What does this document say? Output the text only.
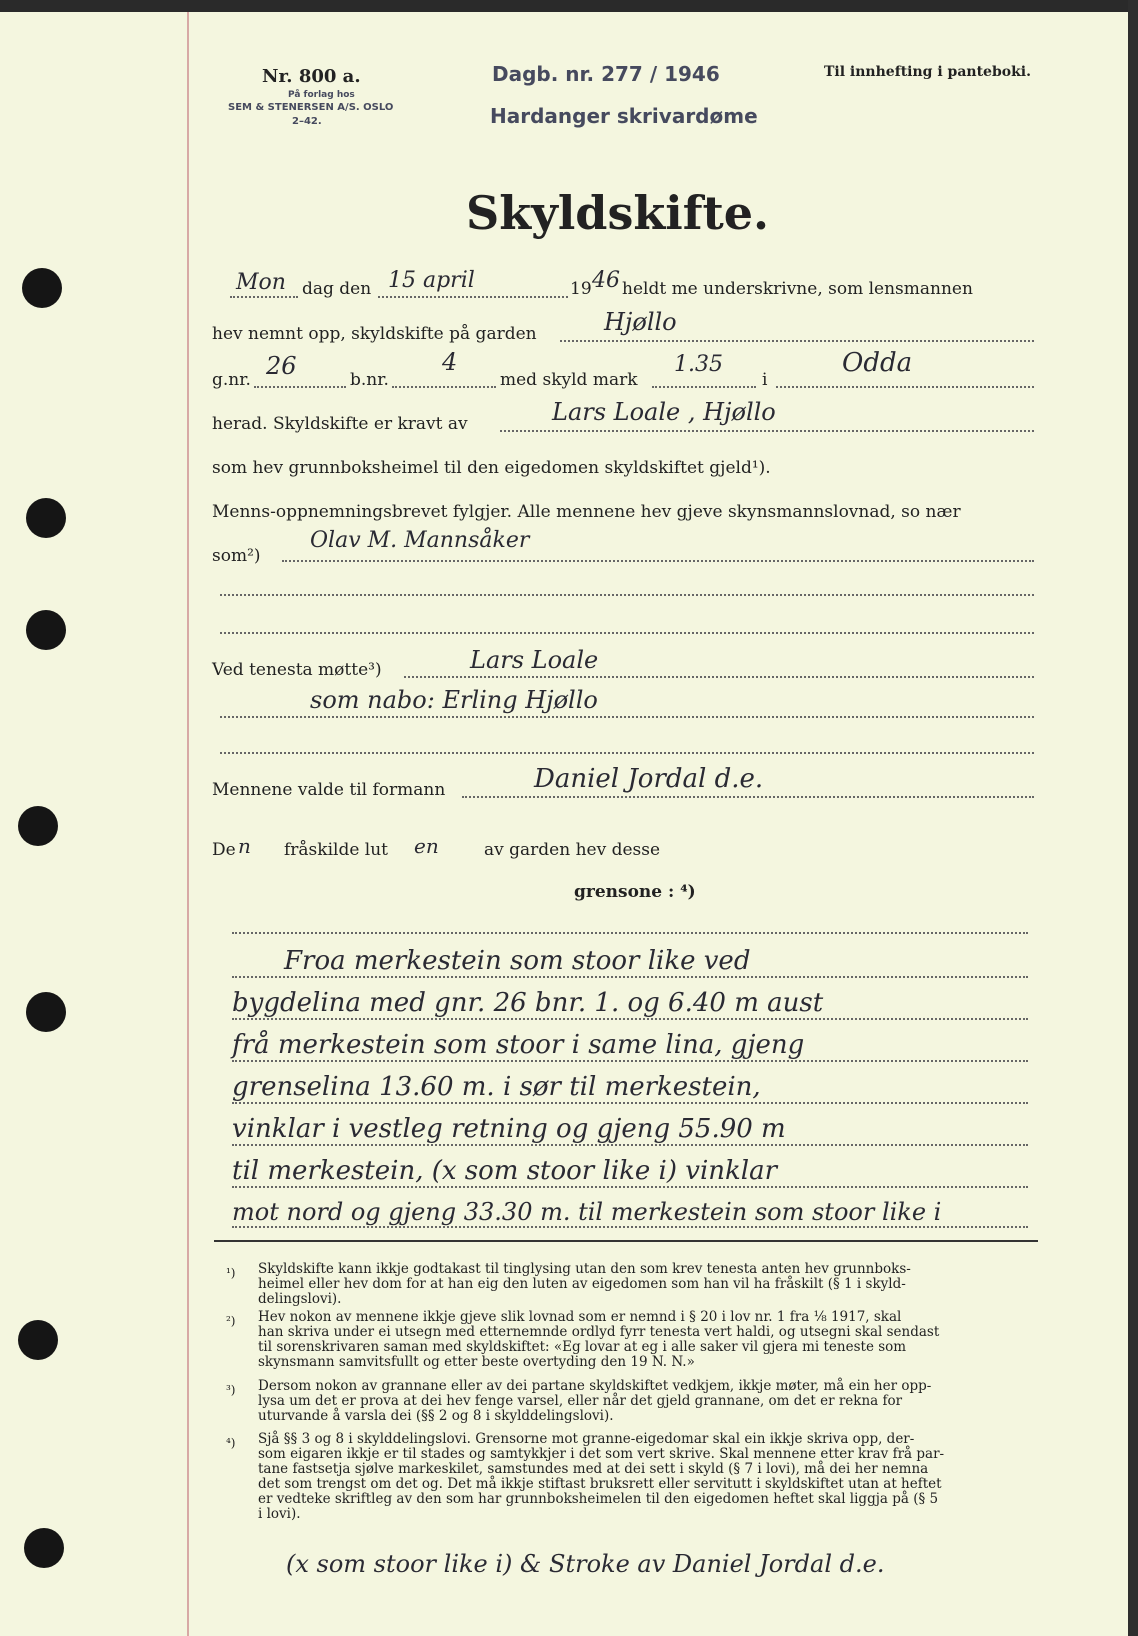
Nr. 800 a.
På forlag hos
SEM & STENERSEN A/S. OSLO
2–42.
Dagb. nr. 277 / 1946
Hardanger skrivardøme
Til innhefting i panteboki.
Skyldskifte.
Mon dag den 15 april	19 46 heldt me underskrivne, som lensmannen
hev nemnt opp, skyldskifte på garden	Hjøllo
g.nr. 26	b.nr.
4
med skyld mark
1.35
i
Odda
herad. Skyldskifte er kravt av	Lars Loale , Hjøllo
som hev grunnboksheimel til den eigedomen skyldskiftet gjeld¹).
Menns-oppnemningsbrevet fylgjer. Alle mennene hev gjeve skynsmannslovnad, so nær
som²)
Olav M. Mannsåker
Ved tenesta møtte³)	Lars Loale
som nabo: Erling Hjøllo
Mennene valde til formann	Daniel Jordal d.e.
De n fråskilde lut en	av garden hev desse
grensone : ⁴)
Froa merkestein som stoor like ved
bygdelina med gnr. 26 bnr. 1. og 6.40 m aust
frå merkestein som stoor i same lina, gjeng
grenselina 13.60 m. i sør til merkestein,
vinklar i vestleg retning og gjeng 55.90 m
til merkestein, (x som stoor like i) vinklar
mot nord og gjeng 33.30 m. til merkestein som stoor like i
¹) Skyldskifte kann ikkje godtakast til tinglysing utan den som krev tenesta anten hev grunnboks-
heimel eller hev dom for at han eig den luten av eigedomen som han vil ha fråskilt (§ 1 i skyld-
delingslovi).
²) Hev nokon av mennene ikkje gjeve slik lovnad som er nemnd i § 20 i lov nr. 1 fra ⅛ 1917, skal
han skriva under ei utsegn med etternemnde ordlyd fyrr tenesta vert haldi, og utsegni skal sendast
til sorenskrivaren saman med skyldskiftet: «Eg lovar at eg i alle saker vil gjera mi teneste som
skynsmann samvitsfullt og etter beste overtyding den 19 N. N.»
³) Dersom nokon av grannane eller av dei partane skyldskiftet vedkjem, ikkje møter, må ein her opp-
lysa um det er prova at dei hev fenge varsel, eller når det gjeld grannane, om det er rekna for
uturvande å varsla dei (§§ 2 og 8 i skylddelingslovi).
⁴) Sjå §§ 3 og 8 i skylddelingslovi. Grensorne mot granne-eigedomar skal ein ikkje skriva opp, der-
som eigaren ikkje er til stades og samtykkjer i det som vert skrive. Skal mennene etter krav frå par-
tane fastsetja sjølve markeskilet, samstundes med at dei sett i skyld (§ 7 i lovi), må dei her nemna
det som trengst om det og. Det må ikkje stiftast bruksrett eller servitutt i skyldskiftet utan at heftet
er vedteke skriftleg av den som har grunnboksheimelen til den eigedomen heftet skal liggja på (§ 5
i lovi).
(x som stoor like i) & Stroke av Daniel Jordal d.e.
